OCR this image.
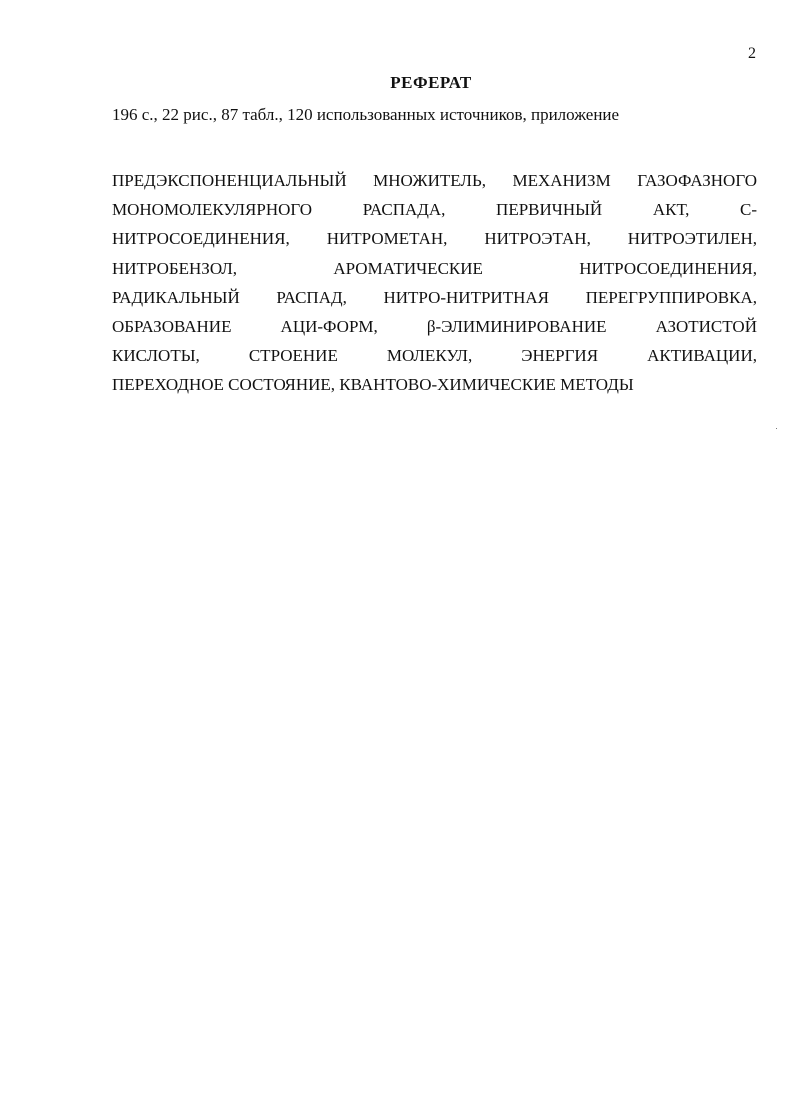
2
РЕФЕРАТ
196 с., 22 рис., 87 табл., 120 использованных источников, приложение
ПРЕДЭКСПОНЕНЦИАЛЬНЫЙ МНОЖИТЕЛЬ, МЕХАНИЗМ ГАЗОФАЗНОГО
МОНОМОЛЕКУЛЯРНОГО	РАСПАДА,	ПЕРВИЧНЫЙ	АКТ,	С-
НИТРОСОЕДИНЕНИЯ, НИТРОМЕТАН, НИТРОЭТАН, НИТРОЭТИЛЕН,
НИТРОБЕНЗОЛ,	АРОМАТИЧЕСКИЕ	НИТРОСОЕДИНЕНИЯ,
РАДИКАЛЬНЫЙ РАСПАД, НИТРО-НИТРИТНАЯ ПЕРЕГРУППИРОВКА,
ОБРАЗОВАНИЕ	АЦИ-ФОРМ,	β-ЭЛИМИНИРОВАНИЕ	АЗОТИСТОЙ
КИСЛОТЫ,	СТРОЕНИЕ	МОЛЕКУЛ,	ЭНЕРГИЯ	АКТИВАЦИИ,
ПЕРЕХОДНОЕ СОСТОЯНИЕ, КВАНТОВО-ХИМИЧЕСКИЕ МЕТОДЫ
